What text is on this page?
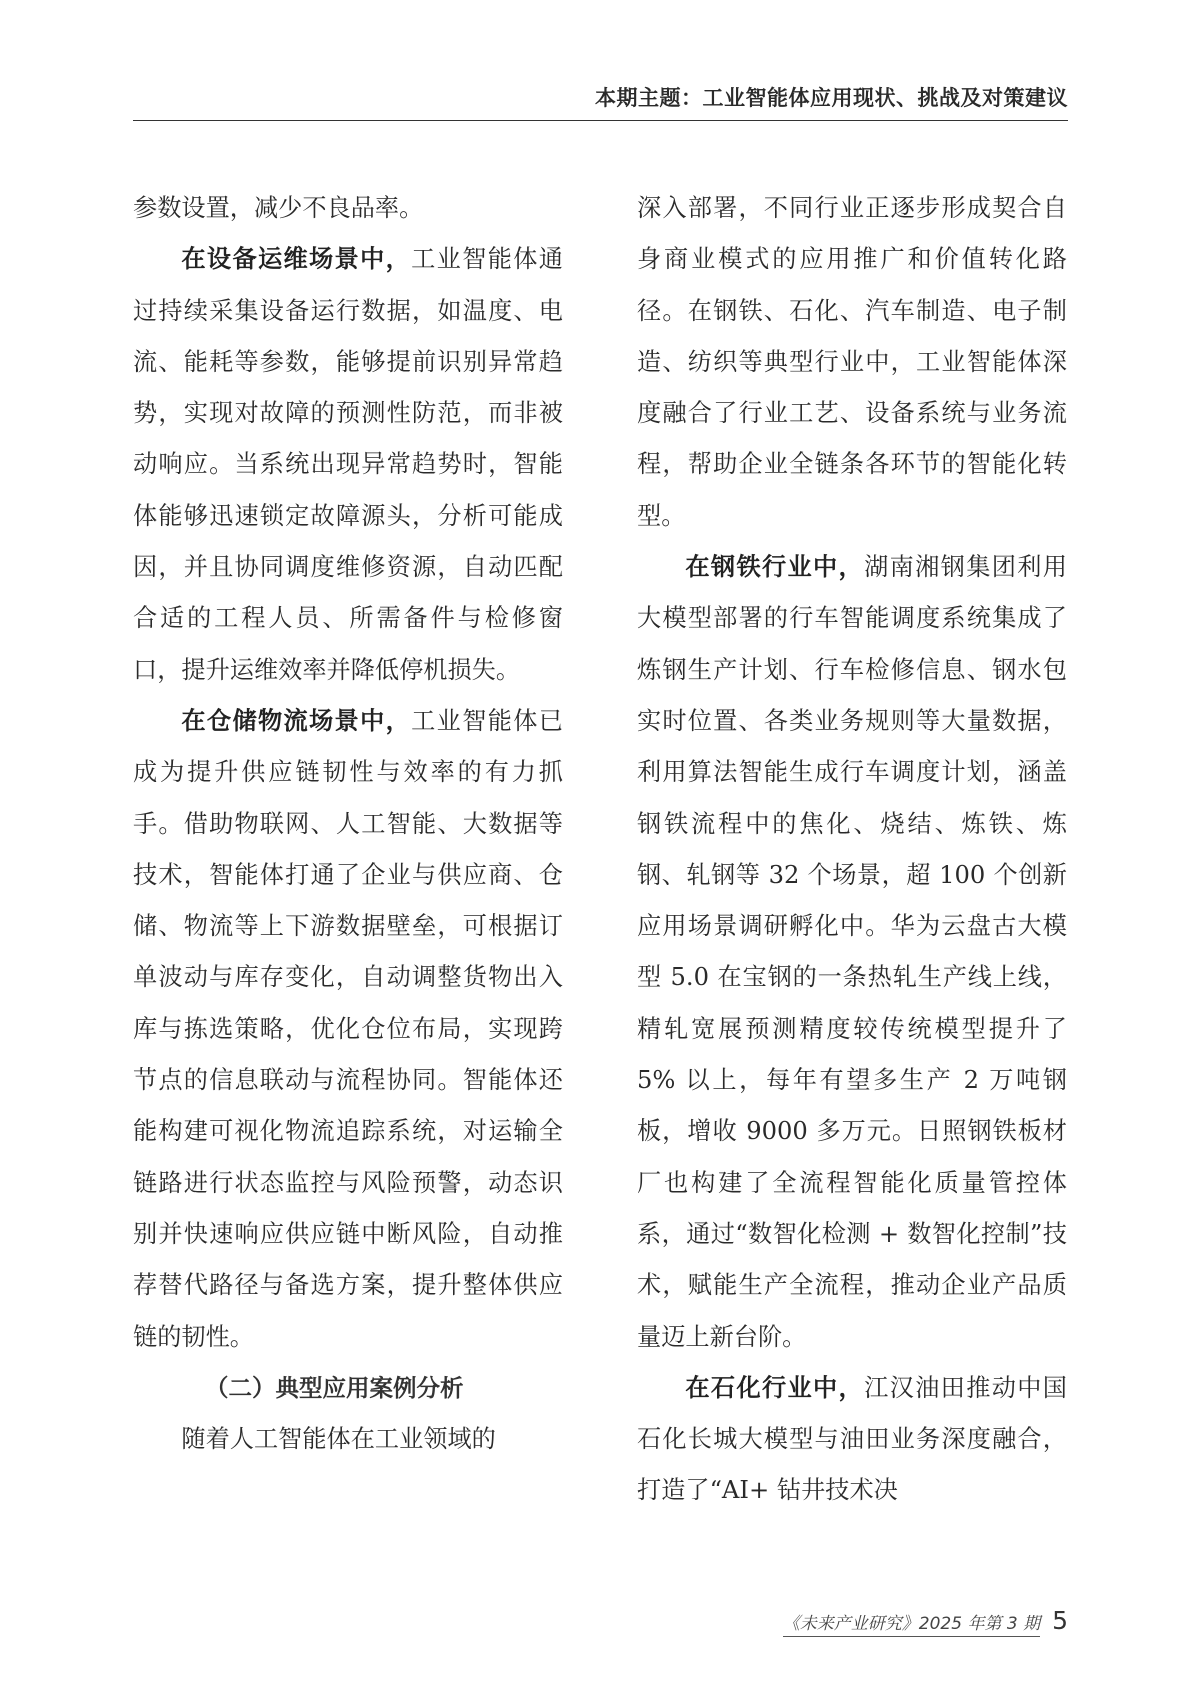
本期主题：工业智能体应用现状、挑战及对策建议

参数设置，减少不良品率。

在设备运维场景中，工业智能体通过持续采集设备运行数据，如温度、电流、能耗等参数，能够提前识别异常趋势，实现对故障的预测性防范，而非被动响应。当系统出现异常趋势时，智能体能够迅速锁定故障源头，分析可能成因，并且协同调度维修资源，自动匹配合适的工程人员、所需备件与检修窗口，提升运维效率并降低停机损失。

在仓储物流场景中，工业智能体已成为提升供应链韧性与效率的有力抓手。借助物联网、人工智能、大数据等技术，智能体打通了企业与供应商、仓储、物流等上下游数据壁垒，可根据订单波动与库存变化，自动调整货物出入库与拣选策略，优化仓位布局，实现跨节点的信息联动与流程协同。智能体还能构建可视化物流追踪系统，对运输全链路进行状态监控与风险预警，动态识别并快速响应供应链中断风险，自动推荐替代路径与备选方案，提升整体供应链的韧性。

（二）典型应用案例分析

随着人工智能体在工业领域的

深入部署，不同行业正逐步形成契合自身商业模式的应用推广和价值转化路径。在钢铁、石化、汽车制造、电子制造、纺织等典型行业中，工业智能体深度融合了行业工艺、设备系统与业务流程，帮助企业全链条各环节的智能化转型。

在钢铁行业中，湖南湘钢集团利用大模型部署的行车智能调度系统集成了炼钢生产计划、行车检修信息、钢水包实时位置、各类业务规则等大量数据，利用算法智能生成行车调度计划，涵盖钢铁流程中的焦化、烧结、炼铁、炼钢、轧钢等 32 个场景，超 100 个创新应用场景调研孵化中。华为云盘古大模型 5.0 在宝钢的一条热轧生产线上线，精轧宽展预测精度较传统模型提升了 5% 以上，每年有望多生产 2 万吨钢板，增收 9000 多万元。日照钢铁板材厂也构建了全流程智能化质量管控体系，通过“数智化检测 + 数智化控制”技术，赋能生产全流程，推动企业产品质量迈上新台阶。

在石化行业中，江汉油田推动中国石化长城大模型与油田业务深度融合，打造了“AI+ 钻井技术决

《未来产业研究》2025 年第 3 期 5
